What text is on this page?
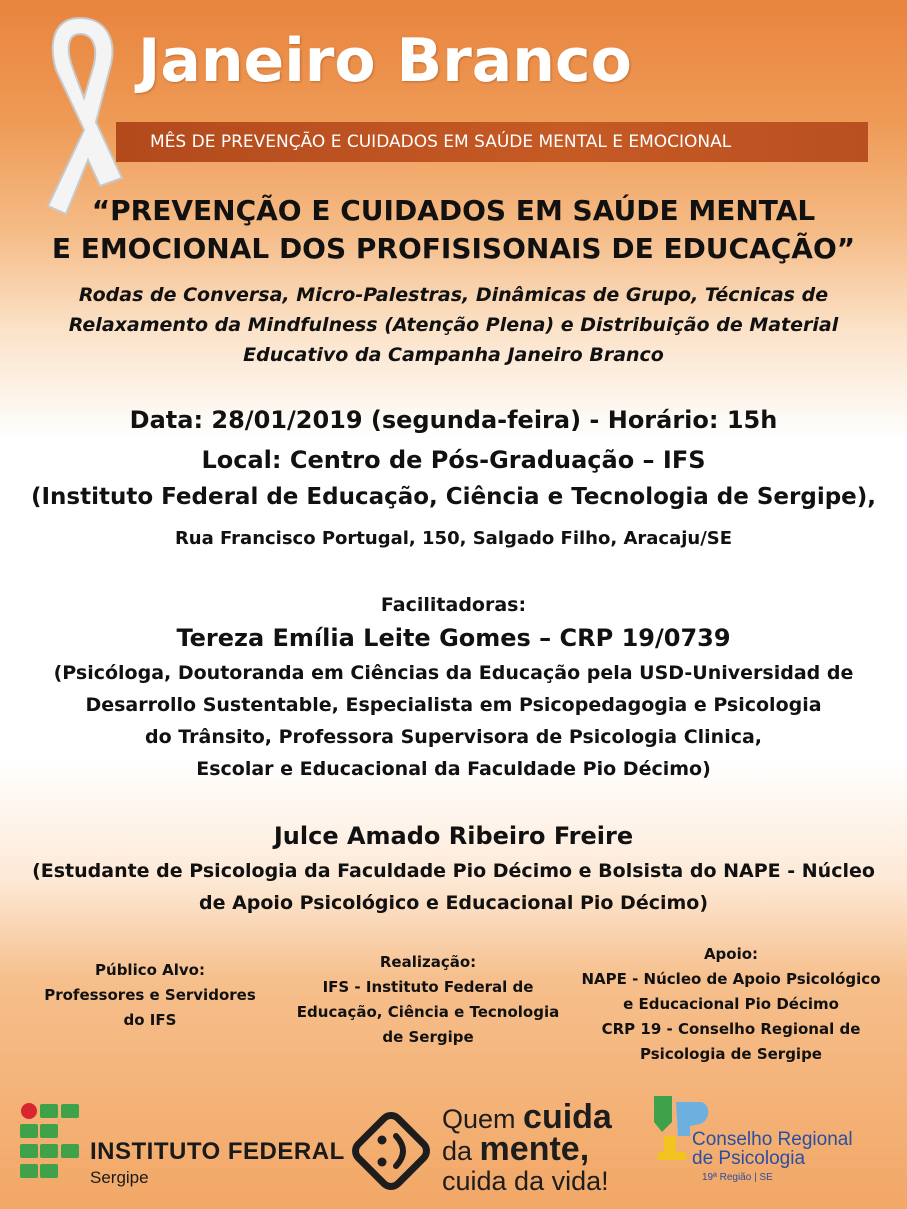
Janeiro Branco
MÊS DE PREVENÇÃO E CUIDADOS EM SAÚDE MENTAL E EMOCIONAL
“PREVENÇÃO E CUIDADOS EM SAÚDE MENTAL
E EMOCIONAL DOS PROFISISONAIS DE EDUCAÇÃO”
Rodas de Conversa, Micro-Palestras, Dinâmicas de Grupo, Técnicas de
Relaxamento da Mindfulness (Atenção Plena) e Distribuição de Material
Educativo da Campanha Janeiro Branco
Data: 28/01/2019 (segunda-feira) - Horário: 15h
Local: Centro de Pós-Graduação – IFS
(Instituto Federal de Educação, Ciência e Tecnologia de Sergipe),
Rua Francisco Portugal, 150, Salgado Filho, Aracaju/SE
Facilitadoras:
Tereza Emília Leite Gomes – CRP 19/0739
(Psicóloga, Doutoranda em Ciências da Educação pela USD-Universidad de
Desarrollo Sustentable, Especialista em Psicopedagogia e Psicologia
do Trânsito, Professora Supervisora de Psicologia Clinica,
Escolar e Educacional da Faculdade Pio Décimo)
Julce Amado Ribeiro Freire
(Estudante de Psicologia da Faculdade Pio Décimo e Bolsista do NAPE - Núcleo
de Apoio Psicológico e Educacional Pio Décimo)
Público Alvo:
Professores e Servidores
do IFS
Realização:
IFS - Instituto Federal de
Educação, Ciência e Tecnologia
de Sergipe
Apoio:
NAPE - Núcleo de Apoio Psicológico
e Educacional Pio Décimo
CRP 19 - Conselho Regional de
Psicologia de Sergipe
INSTITUTO FEDERAL
Sergipe
Quem cuida
da mente,
cuida da vida!
Conselho Regional
de Psicologia
19ª Região | SE
